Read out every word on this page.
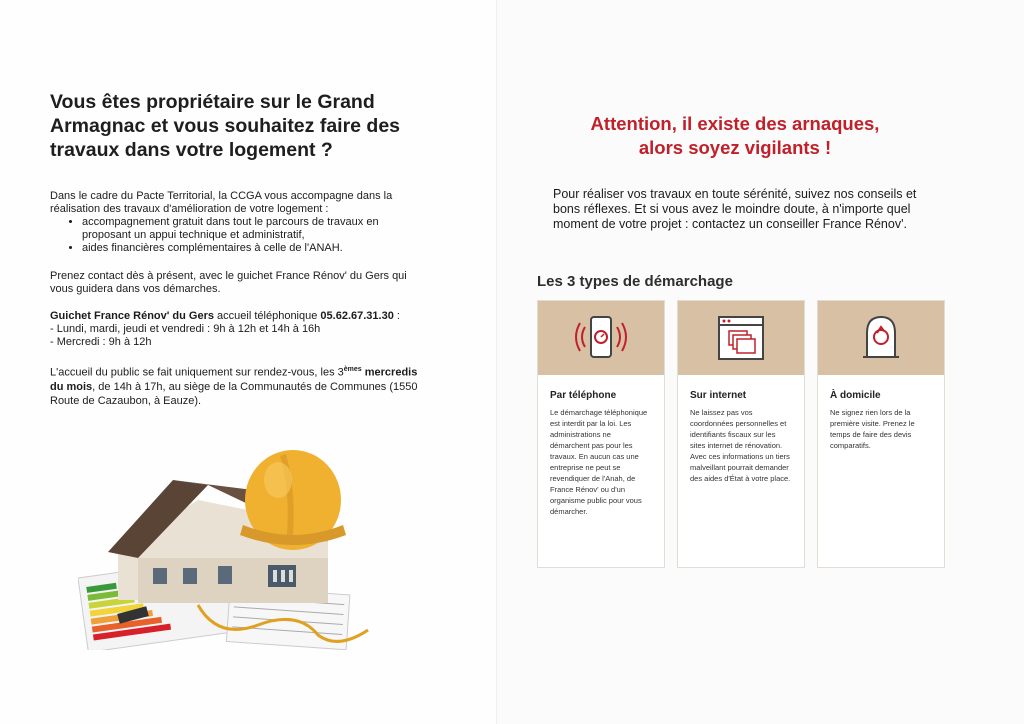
Vous êtes propriétaire sur le Grand Armagnac et vous souhaitez faire des travaux dans votre logement ?

Dans le cadre du Pacte Territorial, la CCGA vous accompagne dans la réalisation des travaux d'amélioration de votre logement :

• accompagnement gratuit dans tout le parcours de travaux en proposant un appui technique et administratif,
• aides financières complémentaires à celle de l'ANAH.

Prenez contact dès à présent, avec le guichet France Rénov' du Gers qui vous guidera dans vos démarches.

Guichet France Rénov' du Gers accueil téléphonique 05.62.67.31.30 :

- Lundi, mardi, jeudi et vendredi : 9h à 12h et 14h à 16h

- Mercredi : 9h à 12h

L'accueil du public se fait uniquement sur rendez-vous, les 3èmes mercredis du mois, de 14h à 17h, au siège de la Communautés de Communes (1550 Route de Cazaubon, à Eauze).

Attention, il existe des arnaques,
alors soyez vigilants !

Pour réaliser vos travaux en toute sérénité, suivez nos conseils et bons réflexes. Et si vous avez le moindre doute, à n'importe quel moment de votre projet : contactez un conseiller France Rénov'.

Les 3 types de démarchage
Par téléphone
Le démarchage téléphonique est interdit par la loi. Les administrations ne démarchent pas pour les travaux. En aucun cas une entreprise ne peut se revendiquer de l'Anah, de France Rénov' ou d'un organisme public pour vous démarcher.
Sur internet
Ne laissez pas vos coordonnées personnelles et identifiants fiscaux sur les sites internet de rénovation. Avec ces informations un tiers malveillant pourrait demander des aides d'État à votre place.
À domicile
Ne signez rien lors de la première visite. Prenez le temps de faire des devis comparatifs.
